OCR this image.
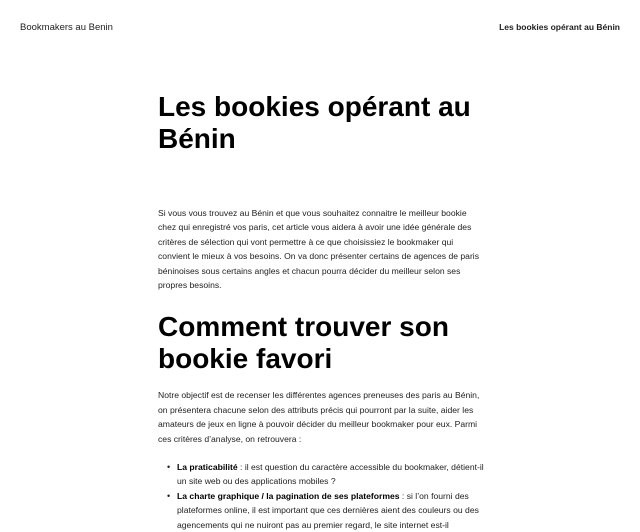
Bookmakers au Benin	Les bookies opérant au Bénin
Les bookies opérant au Bénin

Si vous vous trouvez au Bénin et que vous souhaitez connaitre le meilleur bookie chez qui enregistré vos paris, cet article vous aidera à avoir une idée générale des critères de sélection qui vont permettre à ce que choisissiez le bookmaker qui convient le mieux à vos besoins. On va donc présenter certains de agences de paris béninoises sous certains angles et chacun pourra décider du meilleur selon ses propres besoins.

Comment trouver son bookie favori

Notre objectif est de recenser les différentes agences preneuses des paris au Bénin, on présentera chacune selon des attributs précis qui pourront par la suite, aider les amateurs de jeux en ligne à pouvoir décider du meilleur bookmaker pour eux. Parmi ces critères d’analyse, on retrouvera :

• La praticabilité : il est question du caractère accessible du bookmaker, détient-il un site web ou des applications mobiles ?
• La charte graphique / la pagination de ses plateformes : si l’on fourni des plateformes online, il est important que ces dernières aient des couleurs ou des agencements qui ne nuiront pas au premier regard, le site internet est-il
